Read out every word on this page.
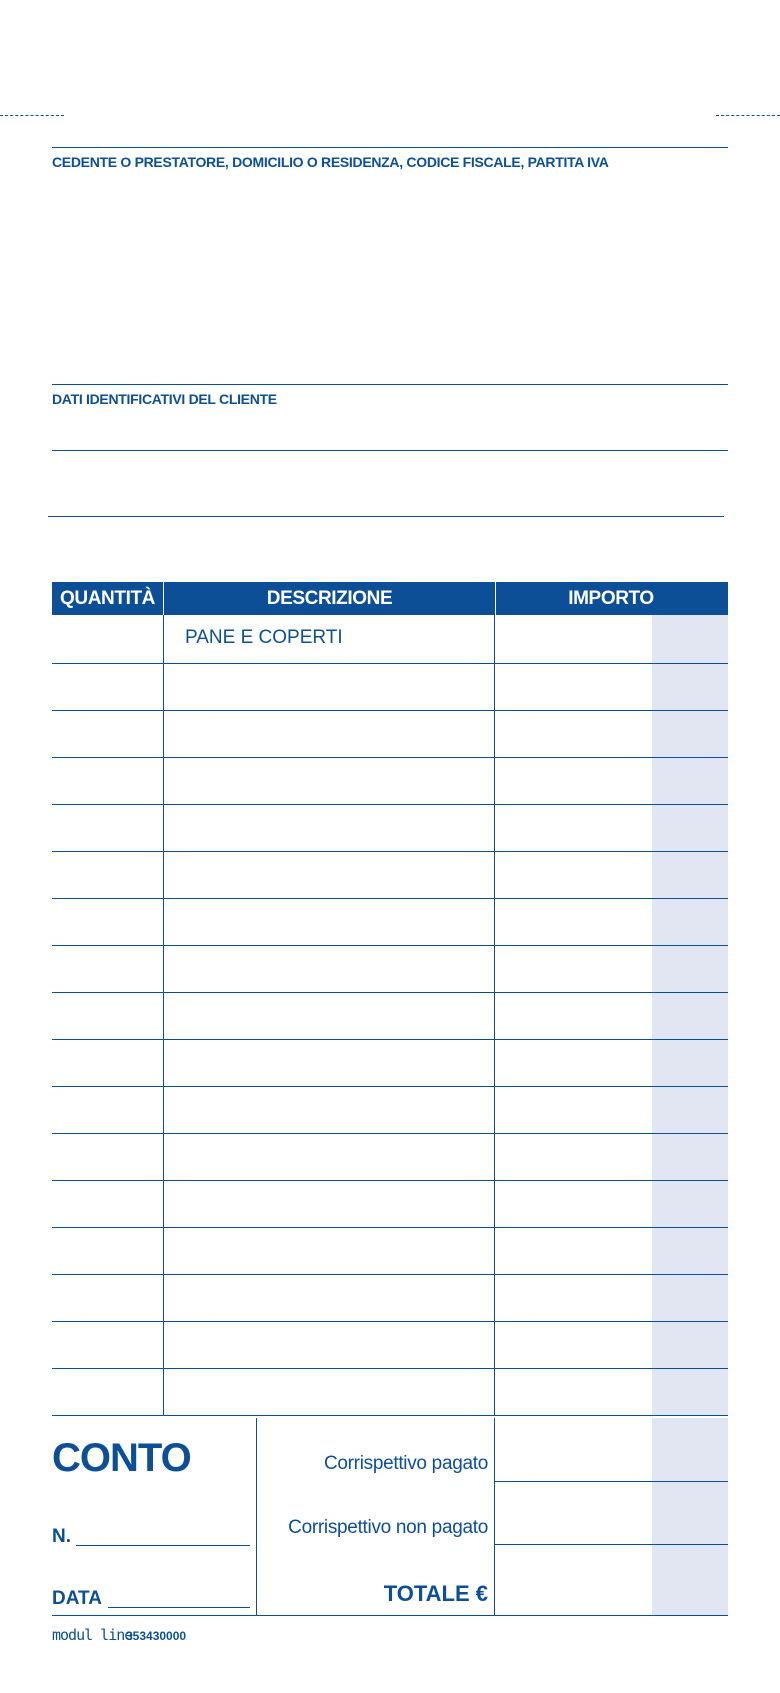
CEDENTE O PRESTATORE, DOMICILIO O RESIDENZA, CODICE FISCALE, PARTITA IVA
DATI IDENTIFICATIVI DEL CLIENTE
QUANTITÀ	DESCRIZIONE	IMPORTO
PANE E COPERTI
CONTO
N.
DATA
Corrispettivo pagato
Corrispettivo non pagato
TOTALE €
modul line
353430000
